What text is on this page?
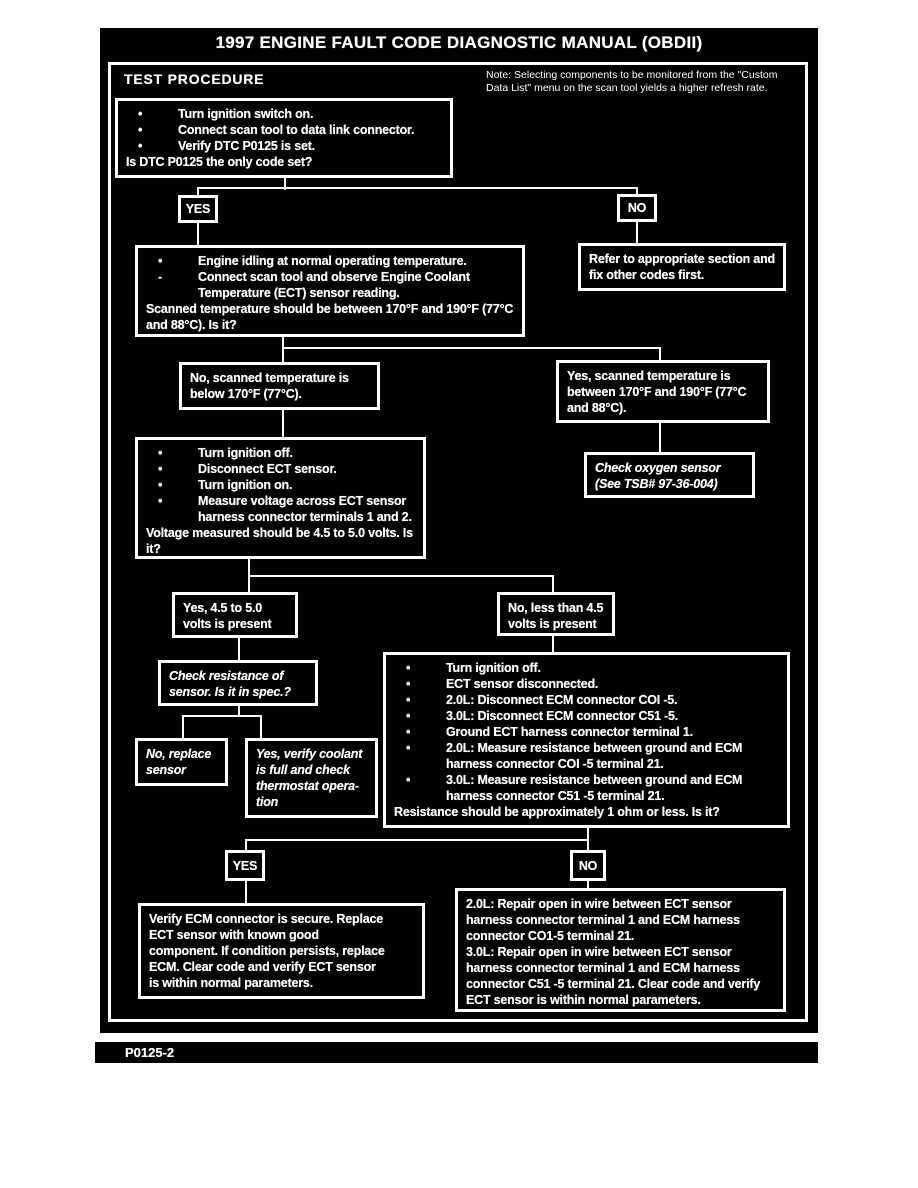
1997 ENGINE FAULT CODE DIAGNOSTIC MANUAL (OBDII)
TEST PROCEDURE	Note: Selecting components to be monitored from the "Custom Data List" menu on the scan tool yields a higher refresh rate.
•	Turn ignition switch on.
•	Connect scan tool to data link connector.
•	Verify DTC P0125 is set.
Is DTC P0125 the only code set?
YES	NO
•	Engine idling at normal operating temperature.
-	Connect scan tool and observe Engine Coolant Temperature (ECT) sensor reading.
Scanned temperature should be between 170°F and 190°F (77°C and 88°C). Is it?
Refer to appropriate section and fix other codes first.
No, scanned temperature is below 170°F (77°C).
Yes, scanned temperature is between 170°F and 190°F (77°C and 88°C).
Check oxygen sensor (See TSB# 97-36-004)
•	Turn ignition off.
•	Disconnect ECT sensor.
•	Turn ignition on.
•	Measure voltage across ECT sensor harness connector terminals 1 and 2.
Voltage measured should be 4.5 to 5.0 volts. Is it?
Yes, 4.5 to 5.0 volts is present
No, less than 4.5 volts is present
Check resistance of sensor. Is it in spec.?
No, replace sensor
Yes, verify coolant is full and check thermostat opera-tion
•	Turn ignition off.
•	ECT sensor disconnected.
•	2.0L: Disconnect ECM connector COI -5.
•	3.0L: Disconnect ECM connector C51 -5.
•	Ground ECT harness connector terminal 1.
•	2.0L: Measure resistance between ground and ECM harness connector COI -5 terminal 21.
•	3.0L: Measure resistance between ground and ECM harness connector C51 -5 terminal 21.
Resistance should be approximately 1 ohm or less. Is it?
YES	NO
Verify ECM connector is secure. Replace ECT sensor with known good component. If condition persists, replace ECM. Clear code and verify ECT sensor is within normal parameters.
2.0L: Repair open in wire between ECT sensor harness connector terminal 1 and ECM harness connector CO1-5 terminal 21.
3.0L: Repair open in wire between ECT sensor harness connector terminal 1 and ECM harness connector C51 -5 terminal 21. Clear code and verify ECT sensor is within normal parameters.
P0125-2
